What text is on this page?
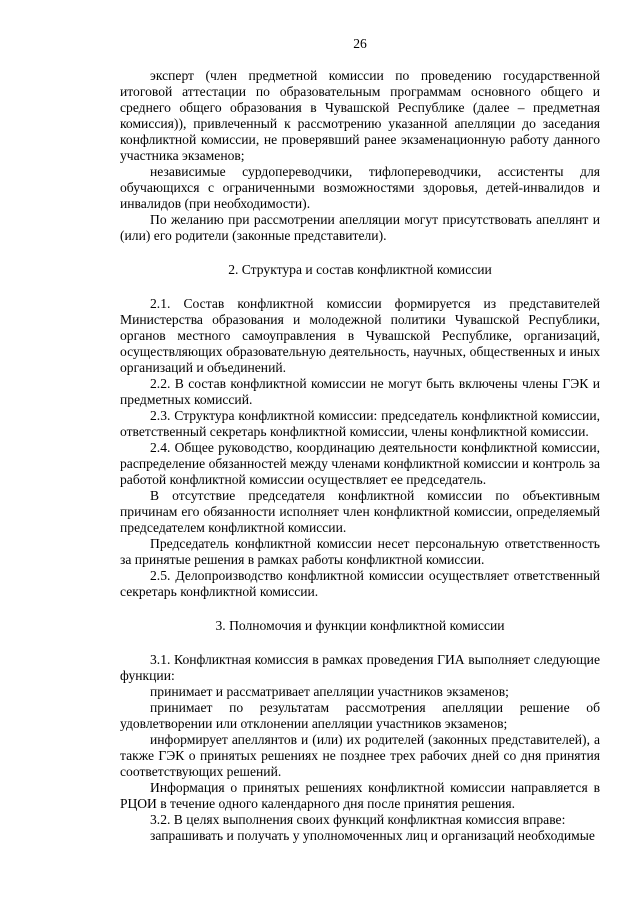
26

эксперт (член предметной комиссии по проведению государственной итоговой аттестации по образовательным программам основного общего и среднего общего образования в Чувашской Республике (далее – предметная комиссия)), привлеченный к рассмотрению указанной апелляции до заседания конфликтной комиссии, не проверявший ранее экзаменационную работу данного участника экзаменов;

независимые сурдопереводчики, тифлопереводчики, ассистенты для обучающихся с ограниченными возможностями здоровья, детей-инвалидов и инвалидов (при необходимости).

По желанию при рассмотрении апелляции могут присутствовать апеллянт и (или) его родители (законные представители).

2. Структура и состав конфликтной комиссии

2.1. Состав конфликтной комиссии формируется из представителей Министерства образования и молодежной политики Чувашской Республики, органов местного самоуправления в Чувашской Республике, организаций, осуществляющих образовательную деятельность, научных, общественных и иных организаций и объединений.

2.2. В состав конфликтной комиссии не могут быть включены члены ГЭК и предметных комиссий.

2.3. Структура конфликтной комиссии: председатель конфликтной комиссии, ответственный секретарь конфликтной комиссии, члены конфликтной комиссии.

2.4. Общее руководство, координацию деятельности конфликтной комиссии, распределение обязанностей между членами конфликтной комиссии и контроль за работой конфликтной комиссии осуществляет ее председатель.

В отсутствие председателя конфликтной комиссии по объективным причинам его обязанности исполняет член конфликтной комиссии, определяемый председателем конфликтной комиссии.

Председатель конфликтной комиссии несет персональную ответственность за принятые решения в рамках работы конфликтной комиссии.

2.5. Делопроизводство конфликтной комиссии осуществляет ответственный секретарь конфликтной комиссии.

3. Полномочия и функции конфликтной комиссии

3.1. Конфликтная комиссия в рамках проведения ГИА выполняет следующие функции:

принимает и рассматривает апелляции участников экзаменов;

принимает по результатам рассмотрения апелляции решение об удовлетворении или отклонении апелляции участников экзаменов;

информирует апеллянтов и (или) их родителей (законных представителей), а также ГЭК о принятых решениях не позднее трех рабочих дней со дня принятия соответствующих решений.

Информация о принятых решениях конфликтной комиссии направляется в РЦОИ в течение одного календарного дня после принятия решения.

3.2. В целях выполнения своих функций конфликтная комиссия вправе:

запрашивать и получать у уполномоченных лиц и организаций необходимые
